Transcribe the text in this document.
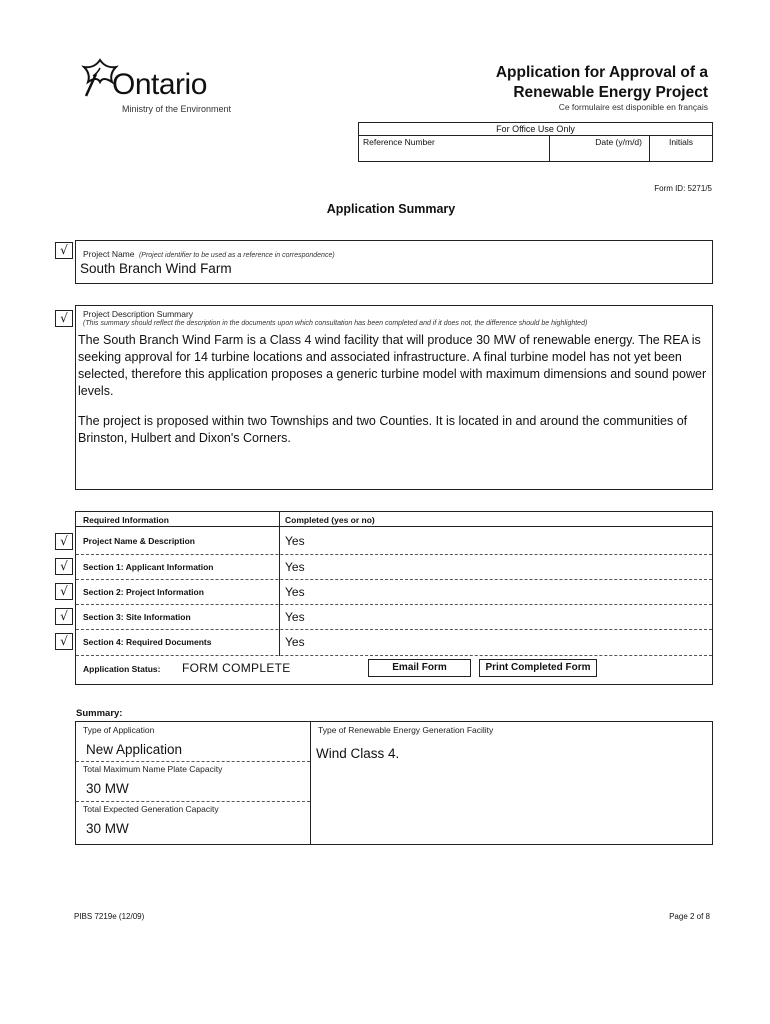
Ontario
Ministry of the Environment
Application for Approval of a
Renewable Energy Project
Ce formulaire est disponible en français
For Office Use Only
Reference Number	Date (y/m/d)	Initials
Form ID: 5271/5
Application Summary
√	Project Name (Project identifier to be used as a reference in correspondence)
South Branch Wind Farm
√	Project Description Summary
(This summary should reflect the description in the documents upon which consultation has been completed and if it does not, the difference should be highlighted)

The South Branch Wind Farm is a Class 4 wind facility that will produce 30 MW of renewable energy. The REA is seeking approval for 14 turbine locations and associated infrastructure. A final turbine model has not yet been selected, therefore this application proposes a generic turbine model with maximum dimensions and sound power levels.

The project is proposed within two Townships and two Counties. It is located in and around the communities of Brinston, Hulbert and Dixon's Corners.

√
√
√
√
√
Required Information	Completed (yes or no)
Project Name & Description	Yes
Section 1: Applicant Information	Yes
Section 2: Project Information	Yes
Section 3: Site Information	Yes
Section 4: Required Documents	Yes
Application Status: FORM COMPLETE	Email Form	Print Completed Form
Summary:
Type of Application
New Application
Total Maximum Name Plate Capacity
30 MW
Total Expected Generation Capacity
30 MW
Type of Renewable Energy Generation Facility
Wind Class 4.
PIBS 7219e (12/09)	Page 2 of 8
